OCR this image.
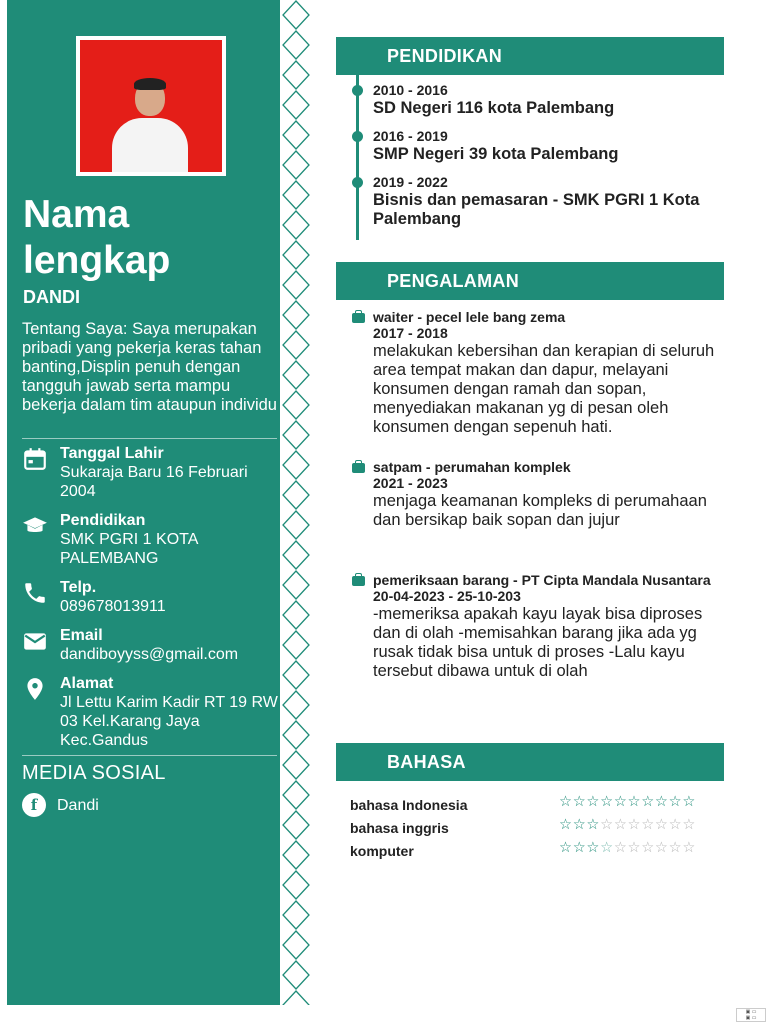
Nama lengkap
DANDI
Tentang Saya: Saya merupakan pribadi yang pekerja keras tahan banting,Displin penuh dengan tangguh jawab serta mampu bekerja dalam tim ataupun individu
Tanggal Lahir
Sukaraja Baru 16 Februari 2004
Pendidikan
SMK PGRI 1 KOTA PALEMBANG
Telp.
089678013911
Email
dandiboyyss@gmail.com
Alamat
Jl Lettu Karim Kadir RT 19 RW 03 Kel.Karang Jaya Kec.Gandus
MEDIA SOSIAL
f	Dandi
PENDIDIKAN
2010 - 2016
SD Negeri 116 kota Palembang
2016 - 2019
SMP Negeri 39 kota Palembang
2019 - 2022
Bisnis dan pemasaran - SMK PGRI 1 Kota Palembang
PENGALAMAN
waiter - pecel lele bang zema
2017 - 2018
melakukan kebersihan dan kerapian di seluruh area tempat makan dan dapur, melayani konsumen dengan ramah dan sopan, menyediakan makanan yg di pesan oleh konsumen dengan sepenuh hati.
satpam - perumahan komplek
2021 - 2023
menjaga keamanan kompleks di perumahaan dan bersikap baik sopan dan jujur
pemeriksaan barang - PT Cipta Mandala Nusantara
20-04-2023 - 25-10-203
-memeriksa apakah kayu layak bisa diproses dan di olah -memisahkan barang jika ada yg rusak tidak bisa untuk di proses -Lalu kayu tersebut dibawa untuk di olah
BAHASA
bahasa Indonesia	☆☆☆☆☆☆☆☆☆☆
bahasa inggris	☆☆☆☆☆☆☆☆☆☆
komputer	☆☆☆☆☆☆☆☆☆☆
▣ ▭
▣ ▭
